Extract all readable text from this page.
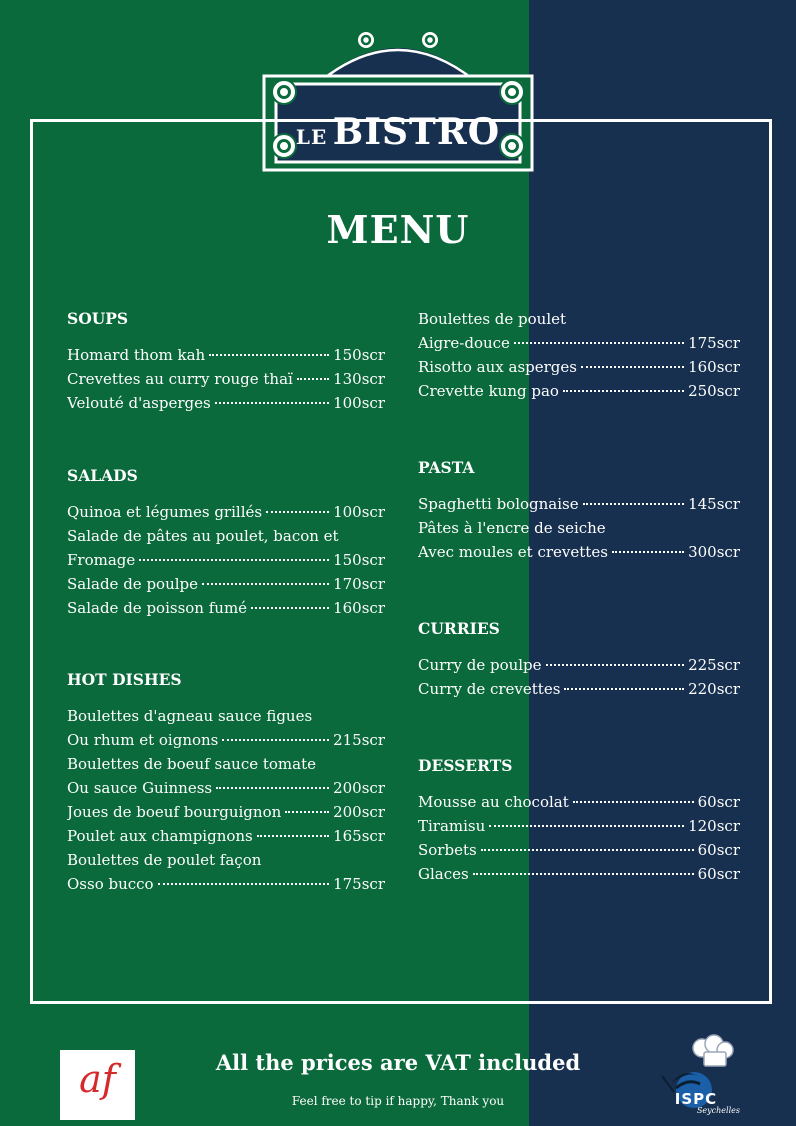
LE BISTRO
MENU
SOUPS
Homard thom kah	150scr
Crevettes au curry rouge thaï	130scr
Velouté d'asperges	100scr
SALADS
Quinoa et légumes grillés	100scr
Salade de pâtes au poulet, bacon et
Fromage	150scr
Salade de poulpe	170scr
Salade de poisson fumé	160scr
HOT DISHES
Boulettes d'agneau sauce figues
Ou rhum et oignons	215scr
Boulettes de boeuf sauce tomate
Ou sauce Guinness	200scr
Joues de boeuf bourguignon	200scr
Poulet aux champignons	165scr
Boulettes de poulet façon
Osso bucco	175scr
Boulettes de poulet
Aigre-douce	175scr
Risotto aux asperges	160scr
Crevette kung pao	250scr
PASTA
Spaghetti bolognaise	145scr
Pâtes à l'encre de seiche
Avec moules et crevettes	300scr
CURRIES
Curry de poulpe	225scr
Curry de crevettes	220scr
DESSERTS
Mousse au chocolat	60scr
Tiramisu	120scr
Sorbets	60scr
Glaces	60scr
af	All the prices are VAT included
Feel free to tip if happy, Thank you	ISPC
Seychelles
